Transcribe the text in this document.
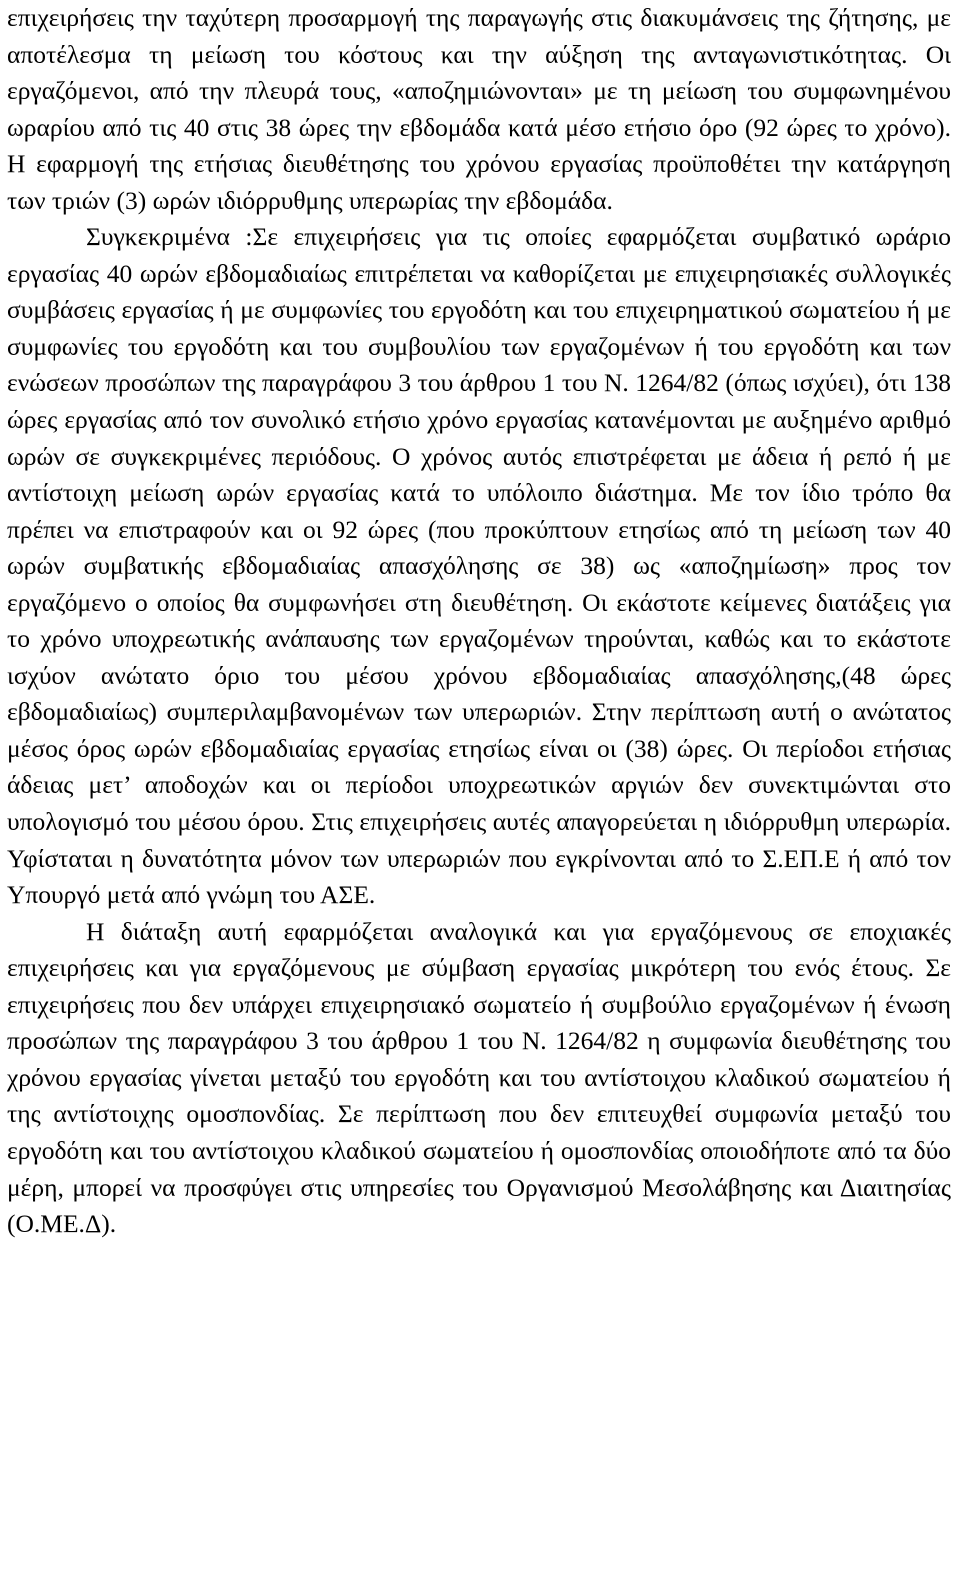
επιχειρήσεις την ταχύτερη προσαρμογή της παραγωγής στις διακυμάνσεις της ζήτησης, με αποτέλεσμα τη μείωση του κόστους και την αύξηση της ανταγωνιστικότητας. Οι εργαζόμενοι, από την πλευρά τους, «αποζημιώνονται» με τη μείωση του συμφωνημένου ωραρίου από τις 40 στις 38 ώρες την εβδομάδα κατά μέσο ετήσιο όρο (92 ώρες το χρόνο). Η εφαρμογή της ετήσιας διευθέτησης του χρόνου εργασίας προϋποθέτει την κατάργηση των τριών (3) ωρών ιδιόρρυθμης υπερωρίας την εβδομάδα.

Συγκεκριμένα :Σε επιχειρήσεις για τις οποίες εφαρμόζεται συμβατικό ωράριο εργασίας 40 ωρών εβδομαδιαίως επιτρέπεται να καθορίζεται με επιχειρησιακές συλλογικές συμβάσεις εργασίας ή με συμφωνίες του εργοδότη και του επιχειρηματικού σωματείου ή με συμφωνίες του εργοδότη και του συμβουλίου των εργαζομένων ή του εργοδότη και των ενώσεων προσώπων της παραγράφου 3 του άρθρου 1 του Ν. 1264/82 (όπως ισχύει), ότι 138 ώρες εργασίας από τον συνολικό ετήσιο χρόνο εργασίας κατανέμονται με αυξημένο αριθμό ωρών σε συγκεκριμένες περιόδους. Ο χρόνος αυτός επιστρέφεται με άδεια ή ρεπό ή με αντίστοιχη μείωση ωρών εργασίας κατά το υπόλοιπο διάστημα. Με τον ίδιο τρόπο θα πρέπει να επιστραφούν και οι 92 ώρες (που προκύπτουν ετησίως από τη μείωση των 40 ωρών συμβατικής εβδομαδιαίας απασχόλησης σε 38) ως «αποζημίωση» προς τον εργαζόμενο ο οποίος θα συμφωνήσει στη διευθέτηση. Οι εκάστοτε κείμενες διατάξεις για το χρόνο υποχρεωτικής ανάπαυσης των εργαζομένων τηρούνται, καθώς και το εκάστοτε ισχύον ανώτατο όριο του μέσου χρόνου εβδομαδιαίας απασχόλησης,(48 ώρες εβδομαδιαίως) συμπεριλαμβανομένων των υπερωριών. Στην περίπτωση αυτή ο ανώτατος μέσος όρος ωρών εβδομαδιαίας εργασίας ετησίως είναι οι (38) ώρες. Οι περίοδοι ετήσιας άδειας μετ’ αποδοχών και οι περίοδοι υποχρεωτικών αργιών δεν συνεκτιμώνται στο υπολογισμό του μέσου όρου. Στις επιχειρήσεις αυτές απαγορεύεται η ιδιόρρυθμη υπερωρία. Υφίσταται η δυνατότητα μόνον των υπερωριών που εγκρίνονται από το Σ.ΕΠ.Ε ή από τον Υπουργό μετά από γνώμη του ΑΣΕ.

Η διάταξη αυτή εφαρμόζεται αναλογικά και για εργαζόμενους σε εποχιακές επιχειρήσεις και για εργαζόμενους με σύμβαση εργασίας μικρότερη του ενός έτους. Σε επιχειρήσεις που δεν υπάρχει επιχειρησιακό σωματείο ή συμβούλιο εργαζομένων ή ένωση προσώπων της παραγράφου 3 του άρθρου 1 του Ν. 1264/82 η συμφωνία διευθέτησης του χρόνου εργασίας γίνεται μεταξύ του εργοδότη και του αντίστοιχου κλαδικού σωματείου ή της αντίστοιχης ομοσπονδίας. Σε περίπτωση που δεν επιτευχθεί συμφωνία μεταξύ του εργοδότη και του αντίστοιχου κλαδικού σωματείου ή ομοσπονδίας οποιοδήποτε από τα δύο μέρη, μπορεί να προσφύγει στις υπηρεσίες του Οργανισμού Μεσολάβησης και Διαιτησίας (Ο.ΜΕ.Δ).
